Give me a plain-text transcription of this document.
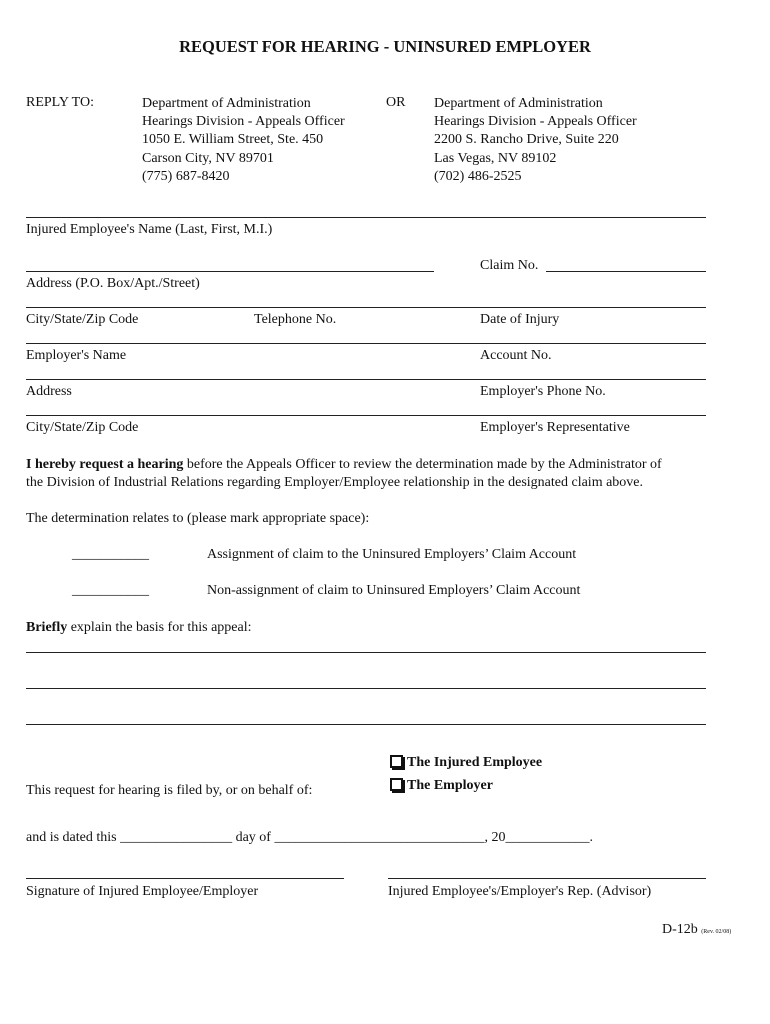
REQUEST FOR HEARING - UNINSURED EMPLOYER
REPLY TO:	Department of Administration
Hearings Division - Appeals Officer
1050 E. William Street, Ste. 450
Carson City, NV 89701
(775) 687-8420
OR Department of Administration
Hearings Division - Appeals Officer
2200 S. Rancho Drive, Suite 220
Las Vegas, NV 89102
(702) 486-2525
Injured Employee's Name (Last, First, M.I.)
Claim No.
Address (P.O. Box/Apt./Street)
City/State/Zip Code	Telephone No.	Date of Injury
Employer's Name	Account No.
Address	Employer's Phone No.
City/State/Zip Code	Employer's Representative
I hereby request a hearing before the Appeals Officer to review the determination made by the Administrator of
the Division of Industrial Relations regarding Employer/Employee relationship in the designated claim above.
The determination relates to (please mark appropriate space):
___________	Assignment of claim to the Uninsured Employers’ Claim Account
___________	Non-assignment of claim to Uninsured Employers’ Claim Account
Briefly explain the basis for this appeal:
The Injured Employee
This request for hearing is filed by, or on behalf of:	The Employer
and is dated this ________________ day of ______________________________, 20____________.
Signature of Injured Employee/Employer	Injured Employee's/Employer's Rep. (Advisor)
D-12b (Rev. 02/08)
